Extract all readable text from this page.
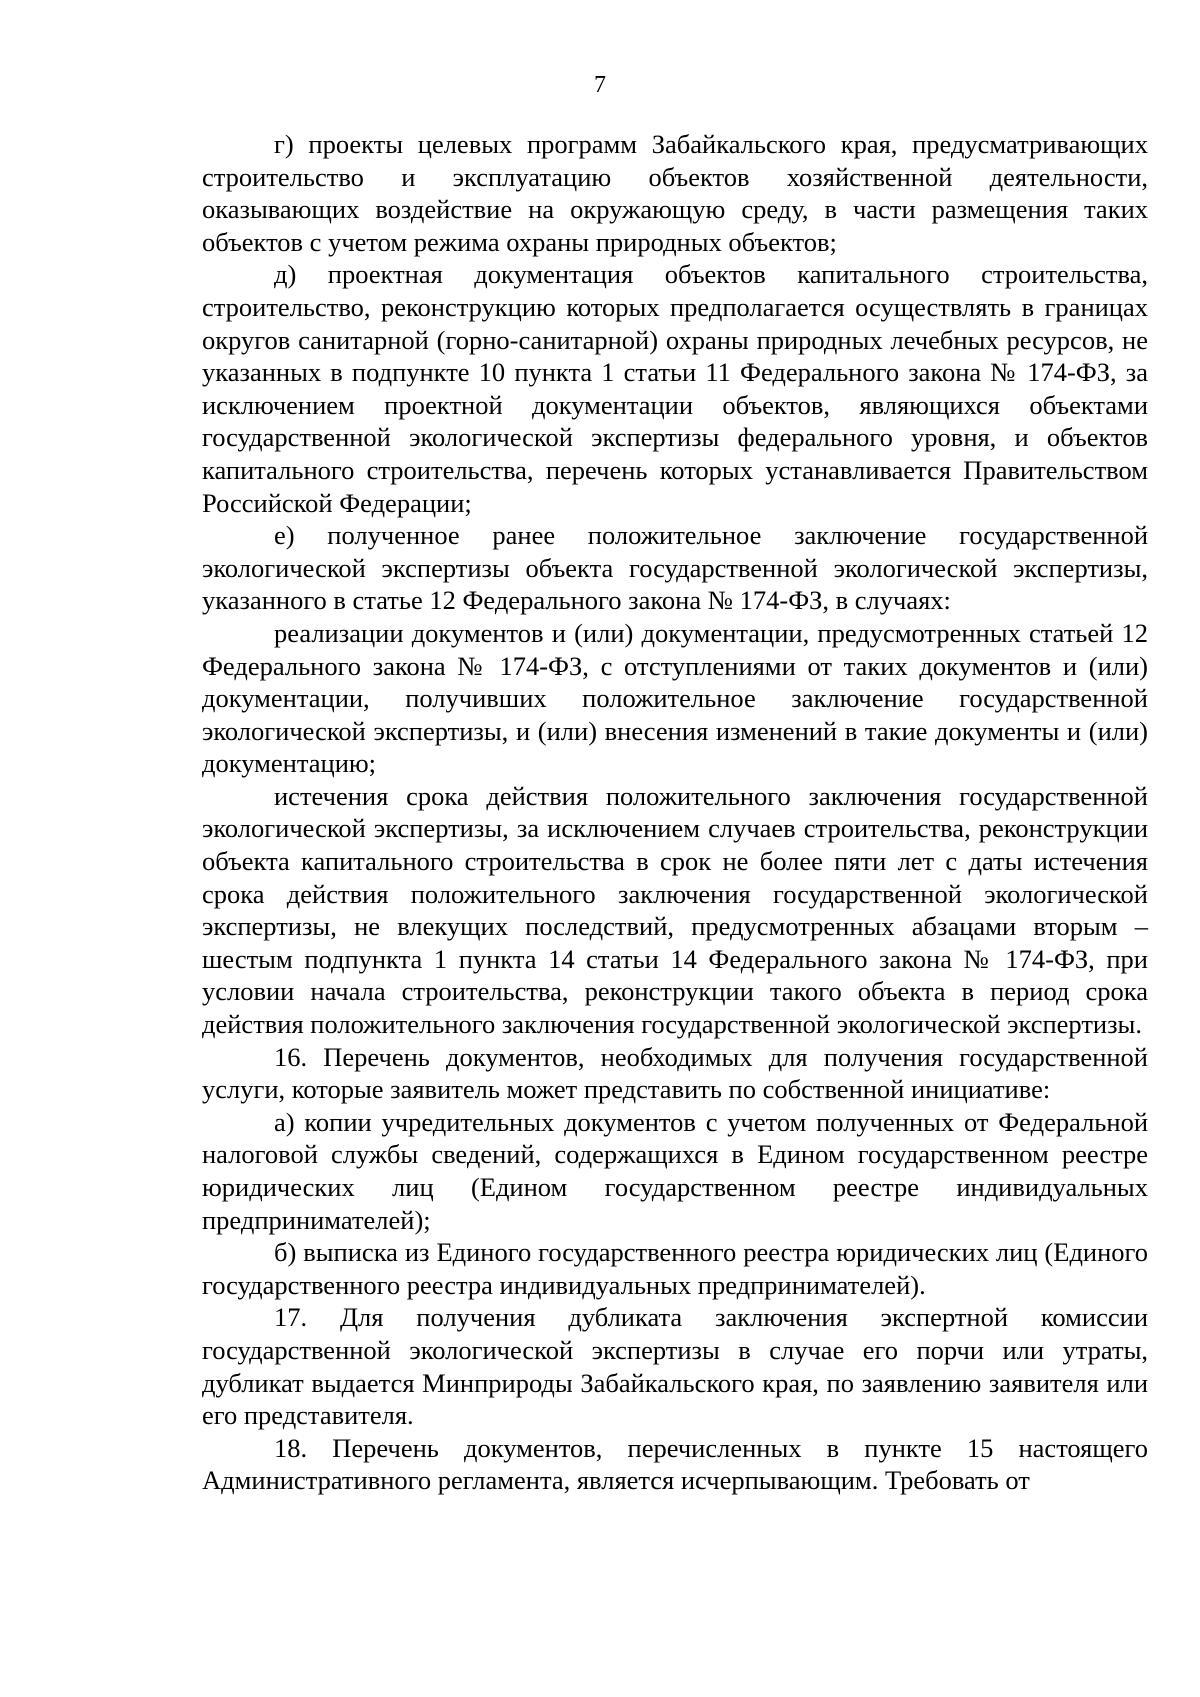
7

г) проекты целевых программ Забайкальского края, предусматривающих строительство и эксплуатацию объектов хозяйственной деятельности, оказывающих воздействие на окружающую среду, в части размещения таких объектов с учетом режима охраны природных объектов;

д) проектная документация объектов капитального строительства, строительство, реконструкцию которых предполагается осуществлять в границах округов санитарной (горно-санитарной) охраны природных лечебных ресурсов, не указанных в подпункте 10 пункта 1 статьи 11 Федерального закона № 174-ФЗ, за исключением проектной документации объектов, являющихся объектами государственной экологической экспертизы федерального уровня, и объектов капитального строительства, перечень которых устанавливается Правительством Российской Федерации;

е) полученное ранее положительное заключение государственной экологической экспертизы объекта государственной экологической экспертизы, указанного в статье 12 Федерального закона № 174-ФЗ, в случаях:

реализации документов и (или) документации, предусмотренных статьей 12 Федерального закона № 174-ФЗ, с отступлениями от таких документов и (или) документации, получивших положительное заключение государственной экологической экспертизы, и (или) внесения изменений в такие документы и (или) документацию;

истечения срока действия положительного заключения государственной экологической экспертизы, за исключением случаев строительства, реконструкции объекта капитального строительства в срок не более пяти лет с даты истечения срока действия положительного заключения государственной экологической экспертизы, не влекущих последствий, предусмотренных абзацами вторым – шестым подпункта 1 пункта 14 статьи 14 Федерального закона № 174-ФЗ, при условии начала строительства, реконструкции такого объекта в период срока действия положительного заключения государственной экологической экспертизы.

16. Перечень документов, необходимых для получения государственной услуги, которые заявитель может представить по собственной инициативе:

а) копии учредительных документов с учетом полученных от Федеральной налоговой службы сведений, содержащихся в Едином государственном реестре юридических лиц (Едином государственном реестре индивидуальных предпринимателей);

б) выписка из Единого государственного реестра юридических лиц (Единого государственного реестра индивидуальных предпринимателей).

17. Для получения дубликата заключения экспертной комиссии государственной экологической экспертизы в случае его порчи или утраты, дубликат выдается Минприроды Забайкальского края, по заявлению заявителя или его представителя.

18. Перечень документов, перечисленных в пункте 15 настоящего Административного регламента, является исчерпывающим. Требовать от
